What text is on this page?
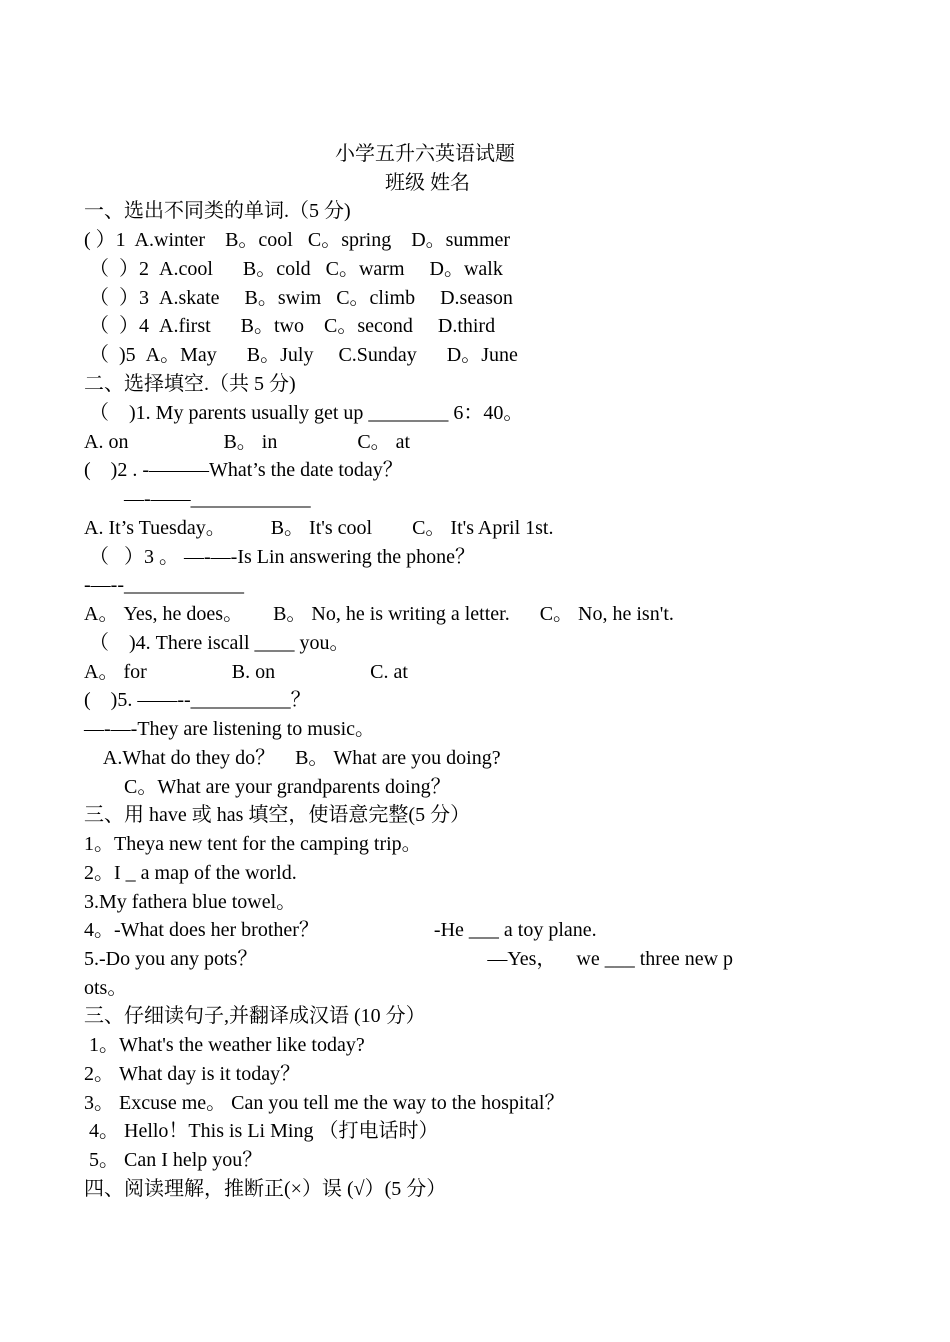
小学五升六英语试题
班级 姓名
一、选出不同类的单词.（5 分)
( ）1  A.winter    B。cool   C。spring    D。summer
（  ）2  A.cool      B。cold   C。warm     D。walk
（  ）3  A.skate     B。swim   C。climb     D.season
（  ）4  A.first      B。two    C。second     D.third
（  )5  A。May      B。July     C.Sunday      D。June
二、选择填空.（共 5 分)
（    )1. My parents usually get up ________ 6：40。
A. on                   B。 in                C。 at
(    )2 . -———What’s the date today？
—-——____________
A. It’s Tuesday。         B。 It's cool        C。 It's April 1st.
（   ）3 。 —-—-Is Lin answering the phone？
-—--____________
A。 Yes, he does。      B。 No, he is writing a letter.      C。 No, he isn't.
（    )4. There iscall ____ you。
A。 for                 B. on                   C. at
(    )5. ——--__________？
—-—-They are listening to music。
A.What do they do？    B。 What are you doing?
C。What are your grandparents doing？
三、用 have 或 has 填空，使语意完整(5 分）
1。Theya new tent for the camping trip。
2。I _ a map of the world.
3.My fathera blue towel。
4。-What does her brother？                       -He ___ a toy plane.
5.-Do you any pots？                                              —Yes，    we ___ three new p
ots。
三、仔细读句子,并翻译成汉语 (10 分）
1。What's the weather like today?
2。 What day is it today？
3。 Excuse me。 Can you tell me the way to the hospital？
4。 Hello！This is Li Ming （打电话时）
5。 Can I help you？
四、阅读理解，推断正(×）误 (√）(5 分）
